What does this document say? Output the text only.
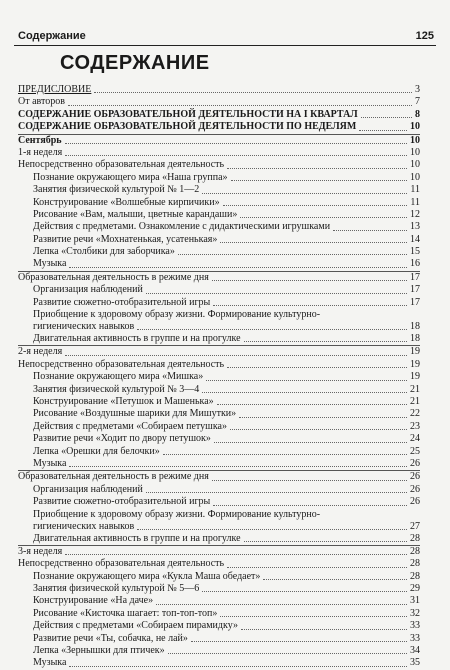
Содержание	125
СОДЕРЖАНИЕ
ПРЕДИСЛОВИЕ	3
От авторов	7
СОДЕРЖАНИЕ ОБРАЗОВАТЕЛЬНОЙ ДЕЯТЕЛЬНОСТИ НА I КВАРТАЛ	8
СОДЕРЖАНИЕ ОБРАЗОВАТЕЛЬНОЙ ДЕЯТЕЛЬНОСТИ ПО НЕДЕЛЯМ	10
Сентябрь	10
1-я неделя	10
Непосредственно образовательная деятельность	10
Познание окружающего мира «Наша группа»	10
Занятия физической культурой № 1—2	11
Конструирование «Волшебные кирпичики»	11
Рисование «Вам, малыши, цветные карандаши»	12
Действия с предметами. Ознакомление с дидактическими игрушками	13
Развитие речи «Мохнатенькая, усатенькая»	14
Лепка «Столбики для заборчика»	15
Музыка	16
Образовательная деятельность в режиме дня	17
Организация наблюдений	17
Развитие сюжетно-отобразительной игры	17
Приобщение к здоровому образу жизни. Формирование культурно-гигиенических навыков	18
Двигательная активность в группе и на прогулке	18
2-я неделя	19
Непосредственно образовательная деятельность	19
Познание окружающего мира «Мишка»	19
Занятия физической культурой № 3—4	21
Конструирование «Петушок и Машенька»	21
Рисование «Воздушные шарики для Мишутки»	22
Действия с предметами «Собираем петушка»	23
Развитие речи «Ходит по двору петушок»	24
Лепка «Орешки для белочки»	25
Музыка	26
Образовательная деятельность в режиме дня	26
Организация наблюдений	26
Развитие сюжетно-отобразительной игры	26
Приобщение к здоровому образу жизни. Формирование культурно-гигиенических навыков	27
Двигательная активность в группе и на прогулке	28
3-я неделя	28
Непосредственно образовательная деятельность	28
Познание окружающего мира «Кукла Маша обедает»	28
Занятия физической культурой № 5—6	29
Конструирование «На даче»	31
Рисование «Кисточка шагает: топ-топ-топ»	32
Действия с предметами «Собираем пирамидку»	33
Развитие речи «Ты, собачка, не лай»	33
Лепка «Зернышки для птичек»	34
Музыка	35
